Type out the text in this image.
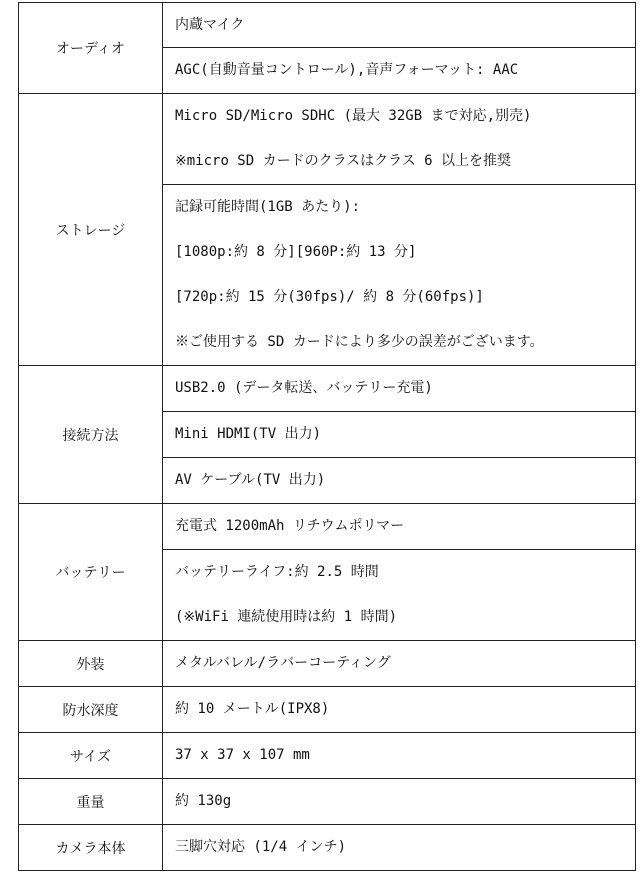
オーディオ	内蔵マイク

	AGC(自動音量コントロール),音声フォーマット: AAC

ストレージ	Micro SD/Micro SDHC (最大 32GB まで対応,別売)
※micro SD カードのクラスはクラス 6 以上を推奨

	記録可能時間(1GB あたり):
[1080p:約 8 分][960P:約 13 分]
[720p:約 15 分(30fps)/ 約 8 分(60fps)]
※ご使用する SD カードにより多少の誤差がございます。

接続方法	USB2.0 (データ転送、バッテリー充電)

	Mini HDMI(TV 出力)

	AV ケーブル(TV 出力)

バッテリー	充電式 1200mAh リチウムポリマー

	バッテリーライフ:約 2.5 時間
(※WiFi 連続使用時は約 1 時間)

外装	メタルバレル/ラバーコーティング

防水深度	約 10 メートル(IPX8)

サイズ	37 x 37 x 107 mm

重量	約 130g

カメラ本体	三脚穴対応 (1/4 インチ)
